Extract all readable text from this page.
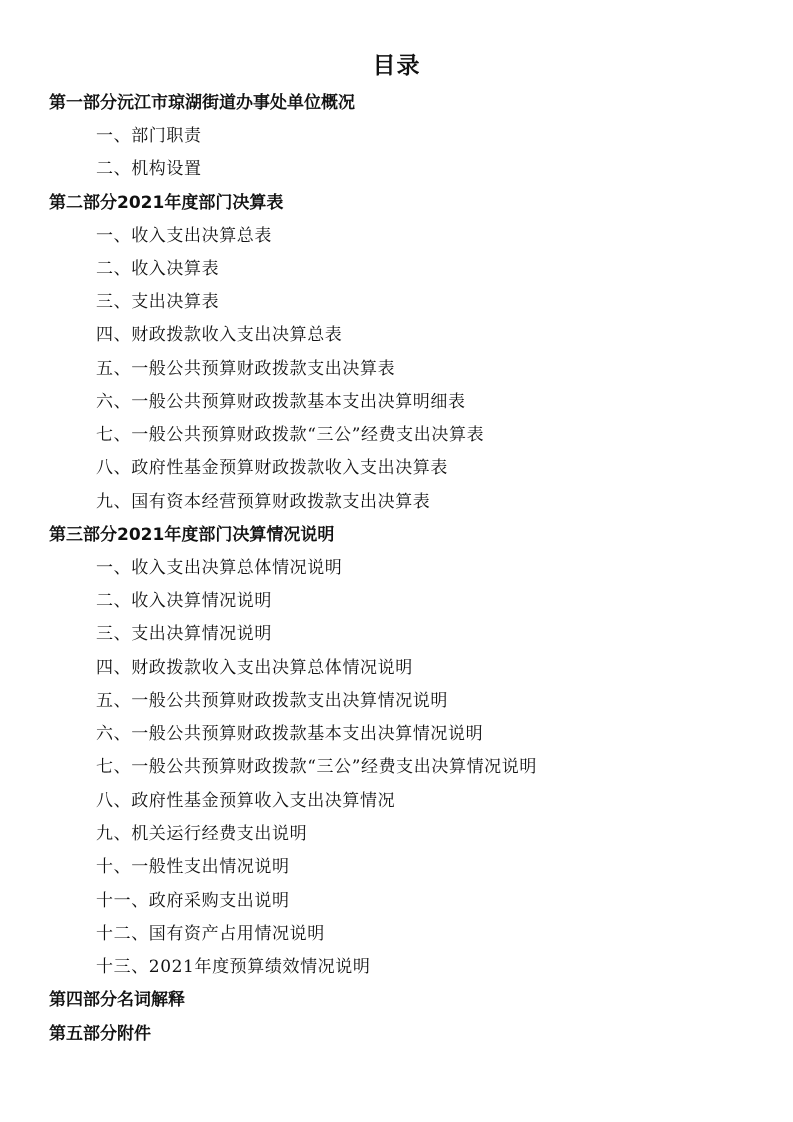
目录
第一部分沅江市琼湖街道办事处单位概况
一、部门职责
二、机构设置
第二部分2021年度部门决算表
一、收入支出决算总表
二、收入决算表
三、支出决算表
四、财政拨款收入支出决算总表
五、一般公共预算财政拨款支出决算表
六、一般公共预算财政拨款基本支出决算明细表
七、一般公共预算财政拨款“三公”经费支出决算表
八、政府性基金预算财政拨款收入支出决算表
九、国有资本经营预算财政拨款支出决算表
第三部分2021年度部门决算情况说明
一、收入支出决算总体情况说明
二、收入决算情况说明
三、支出决算情况说明
四、财政拨款收入支出决算总体情况说明
五、一般公共预算财政拨款支出决算情况说明
六、一般公共预算财政拨款基本支出决算情况说明
七、一般公共预算财政拨款“三公”经费支出决算情况说明
八、政府性基金预算收入支出决算情况
九、机关运行经费支出说明
十、一般性支出情况说明
十一、政府采购支出说明
十二、国有资产占用情况说明
十三、2021年度预算绩效情况说明
第四部分名词解释
第五部分附件
